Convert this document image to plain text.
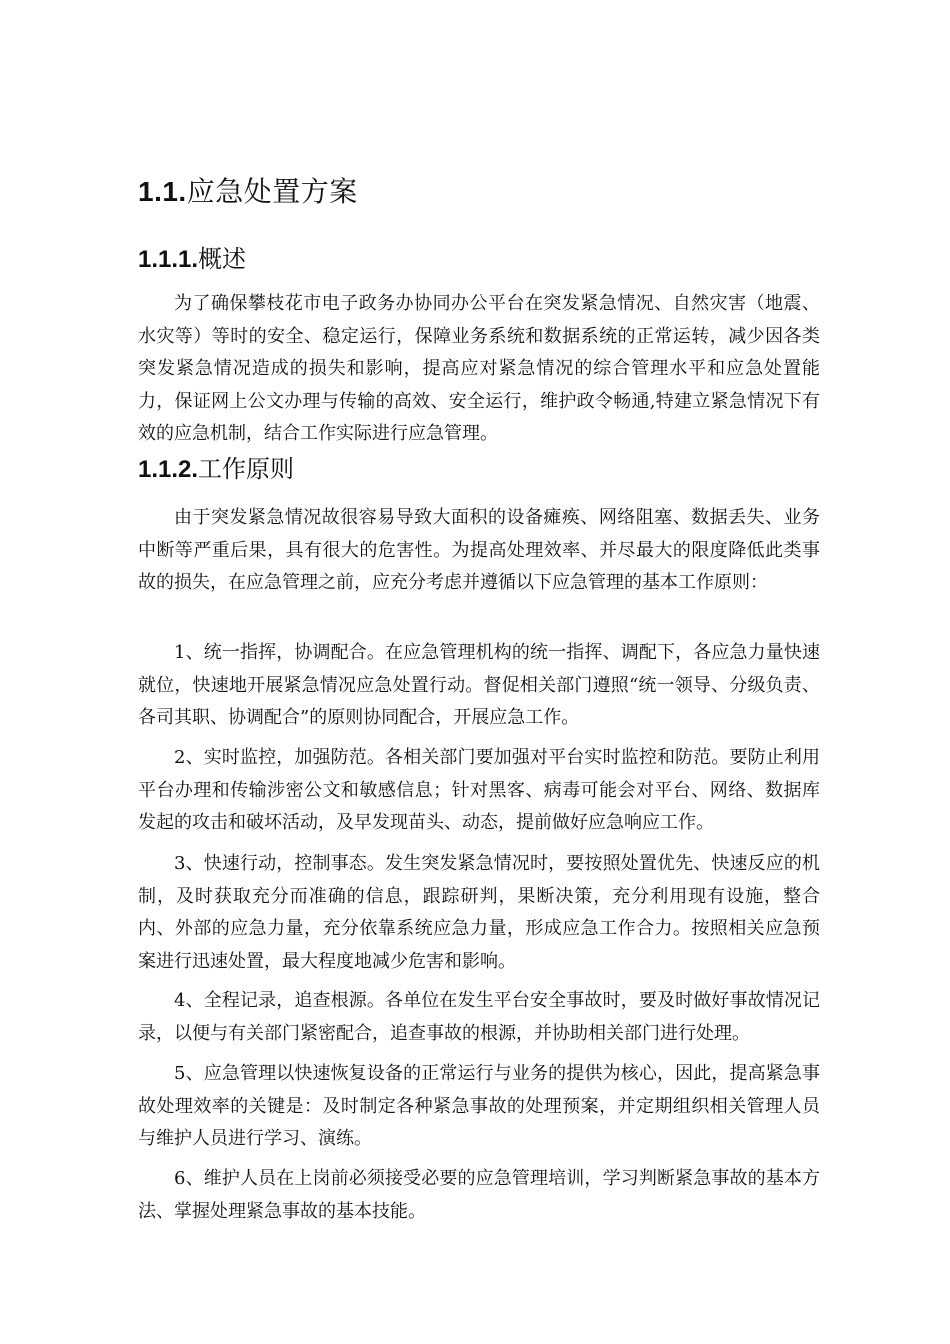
1.1.应急处置方案
1.1.1.概述

为了确保攀枝花市电子政务办协同办公平台在突发紧急情况、自然灾害（地震、水灾等）等时的安全、稳定运行，保障业务系统和数据系统的正常运转，减少因各类突发紧急情况造成的损失和影响，提高应对紧急情况的综合管理水平和应急处置能力，保证网上公文办理与传输的高效、安全运行，维护政令畅通,特建立紧急情况下有效的应急机制，结合工作实际进行应急管理。

1.1.2.工作原则

由于突发紧急情况故很容易导致大面积的设备瘫痪、网络阻塞、数据丢失、业务中断等严重后果，具有很大的危害性。为提高处理效率、并尽最大的限度降低此类事故的损失，在应急管理之前，应充分考虑并遵循以下应急管理的基本工作原则：

1、统一指挥，协调配合。在应急管理机构的统一指挥、调配下，各应急力量快速就位，快速地开展紧急情况应急处置行动。督促相关部门遵照“统一领导、分级负责、各司其职、协调配合”的原则协同配合，开展应急工作。

2、实时监控，加强防范。各相关部门要加强对平台实时监控和防范。要防止利用平台办理和传输涉密公文和敏感信息；针对黑客、病毒可能会对平台、网络、数据库发起的攻击和破坏活动，及早发现苗头、动态，提前做好应急响应工作。

3、快速行动，控制事态。发生突发紧急情况时，要按照处置优先、快速反应的机制，及时获取充分而准确的信息，跟踪研判，果断决策，充分利用现有设施，整合内、外部的应急力量，充分依靠系统应急力量，形成应急工作合力。按照相关应急预案进行迅速处置，最大程度地减少危害和影响。

4、全程记录，追查根源。各单位在发生平台安全事故时，要及时做好事故情况记录，以便与有关部门紧密配合，追查事故的根源，并协助相关部门进行处理。

5、应急管理以快速恢复设备的正常运行与业务的提供为核心，因此，提高紧急事故处理效率的关键是：及时制定各种紧急事故的处理预案，并定期组织相关管理人员与维护人员进行学习、演练。

6、维护人员在上岗前必须接受必要的应急管理培训，学习判断紧急事故的基本方法、掌握处理紧急事故的基本技能。
